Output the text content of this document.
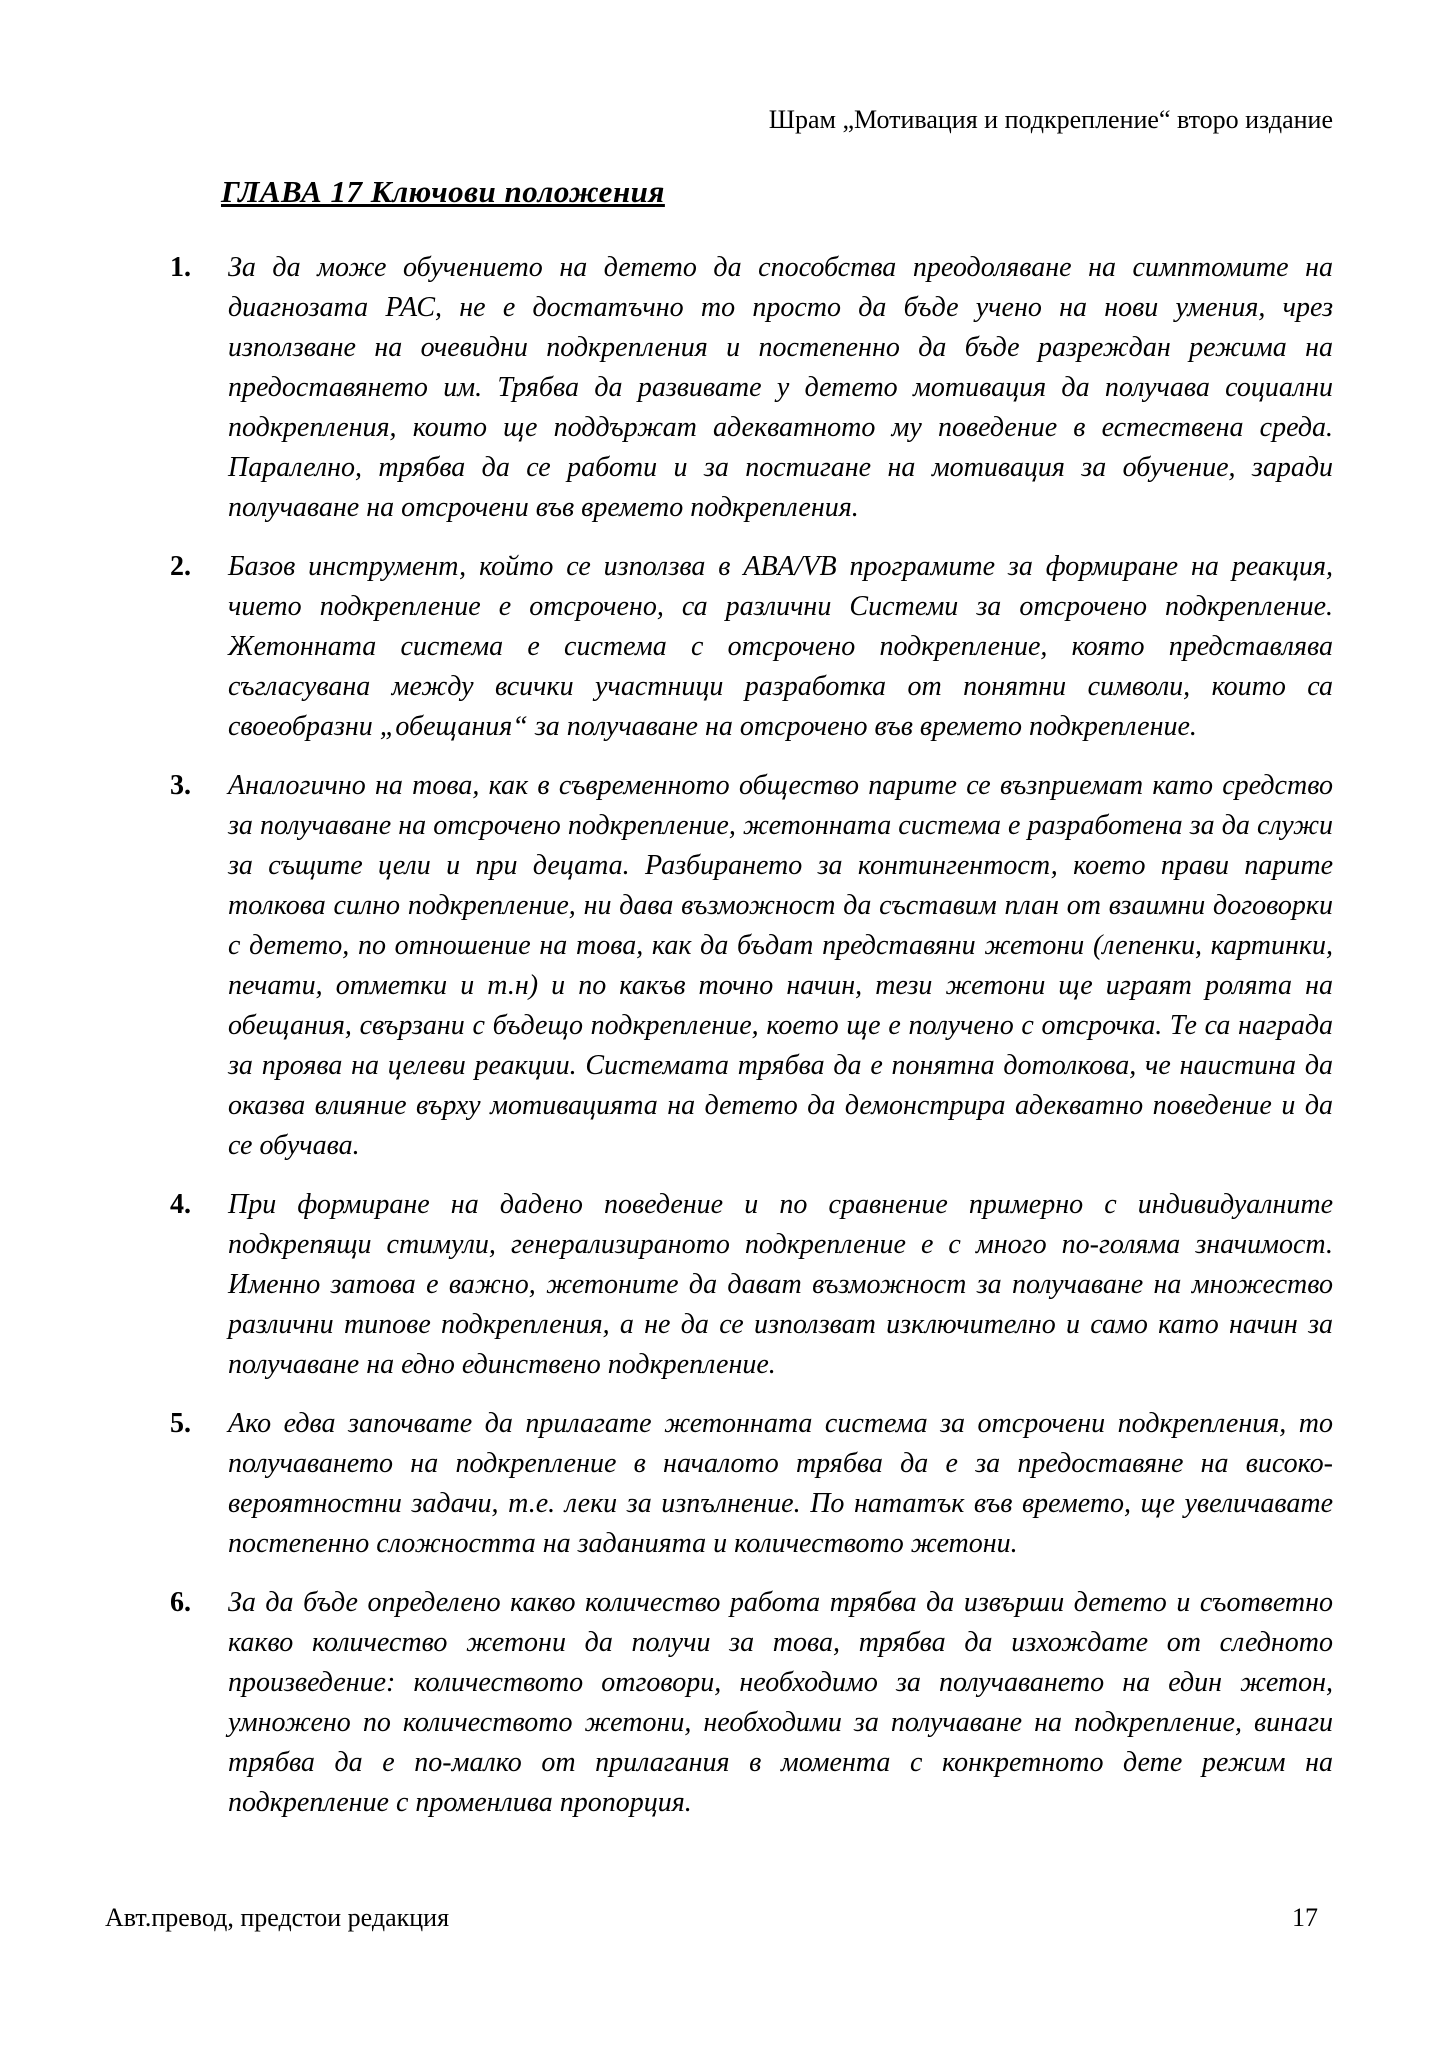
Шрам „Мотивация и подкрепление“ второ издание
ГЛАВА 17 Ключови положения
1.	За да може обучението на детето да способства преодоляване на симптомите на диагнозата РАС, не е достатъчно то просто да бъде учено на нови умения, чрез използване на очевидни подкрепления и постепенно да бъде разреждан режима на предоставянето им. Трябва да развивате у детето мотивация да получава социални подкрепления, които ще поддържат адекватното му поведение в естествена среда. Паралелно, трябва да се работи и за постигане на мотивация за обучение, заради получаване на отсрочени във времето подкрепления.
2.	Базов инструмент, който се използва в ABA/VB програмите за формиране на реакция, чието подкрепление е отсрочено, са различни Системи за отсрочено подкрепление. Жетонната система е система с отсрочено подкрепление, която представлява съгласувана между всички участници разработка от понятни символи, които са своеобразни „обещания“ за получаване на отсрочено във времето подкрепление.
3.	Аналогично на това, как в съвременното общество парите се възприемат като средство за получаване на отсрочено подкрепление, жетонната система е разработена за да служи за същите цели и при децата. Разбирането за контингентост, което прави парите толкова силно подкрепление, ни дава възможност да съставим план от взаимни договорки с детето, по отношение на това, как да бъдат представяни жетони (лепенки, картинки, печати, отметки и т.н) и по какъв точно начин, тези жетони ще играят ролята на обещания, свързани с бъдещо подкрепление, което ще е получено с отсрочка. Те са награда за проява на целеви реакции. Системата трябва да е понятна дотолкова, че наистина да оказва влияние върху мотивацията на детето да демонстрира адекватно поведение и да се обучава.
4.	При формиране на дадено поведение и по сравнение примерно с индивидуалните подкрепящи стимули, генерализираното подкрепление е с много по-голяма значимост. Именно затова е важно, жетоните да дават възможност за получаване на множество различни типове подкрепления, а не да се използват изключително и само като начин за получаване на едно единствено подкрепление.
5.	Ако едва започвате да прилагате жетонната система за отсрочени подкрепления, то получаването на подкрепление в началото трябва да е за предоставяне на високо-вероятностни задачи, т.е. леки за изпълнение. По нататък във времето, ще увеличавате постепенно сложността на заданията и количеството жетони.
6.	За да бъде определено какво количество работа трябва да извърши детето и съответно какво количество жетони да получи за това, трябва да изхождате от следното произведение: количеството отговори, необходимо за получаването на един жетон, умножено по количеството жетони, необходими за получаване на подкрепление, винаги трябва да е по-малко от прилагания в момента с конкретното дете режим на подкрепление с променлива пропорция.
Авт.превод, предстои редакция	17
